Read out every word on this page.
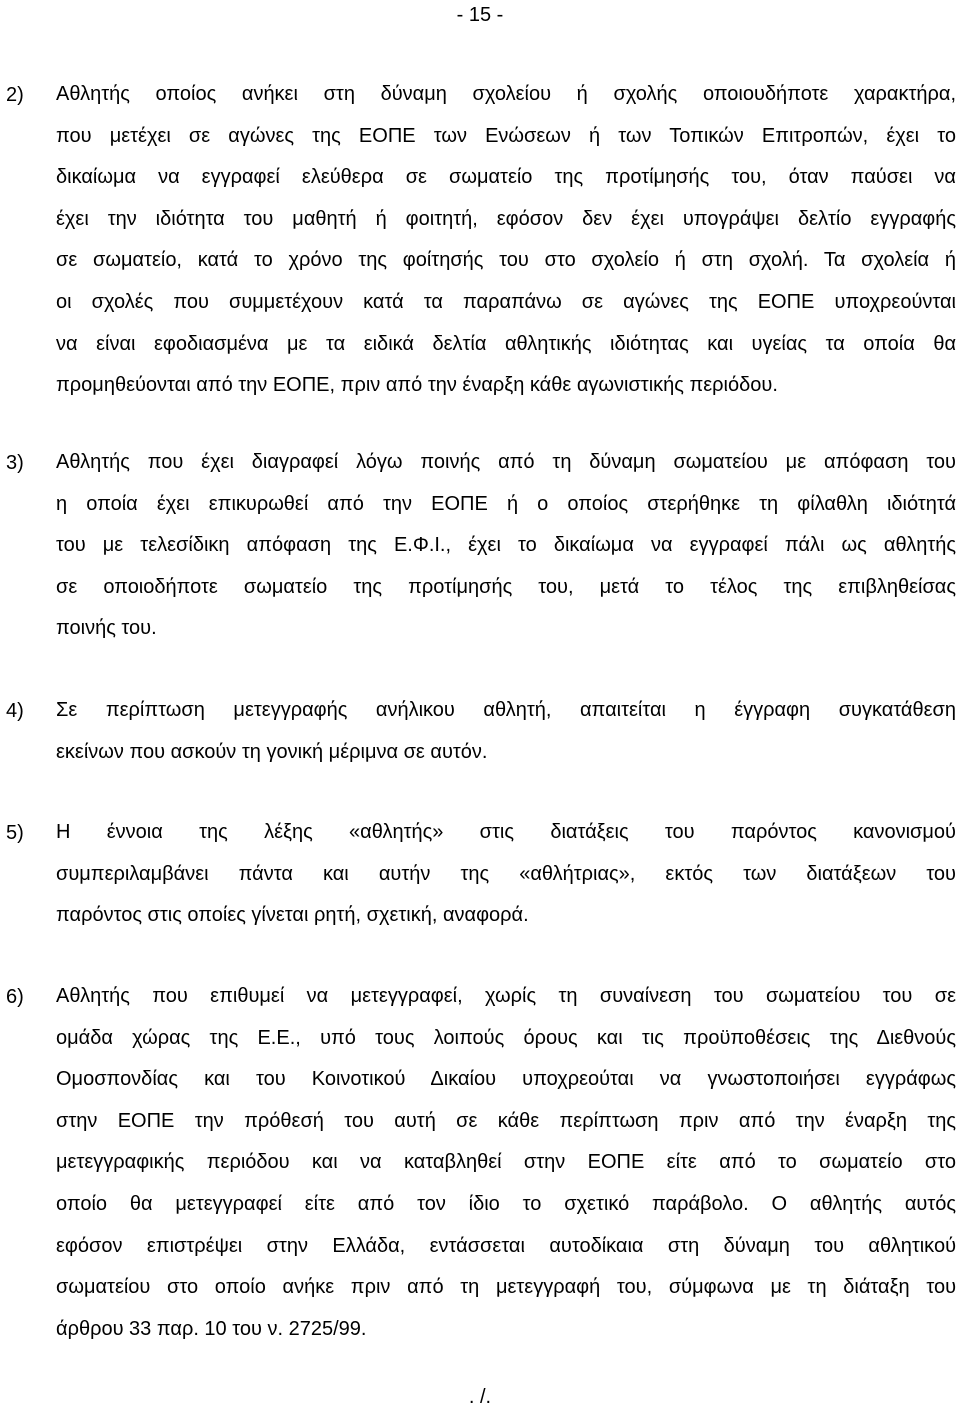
- 15 -
2) Αθλητής οποίος ανήκει στη δύναμη σχολείου ή σχολής οποιουδήποτε χαρακτήρα,
που μετέχει σε αγώνες της ΕΟΠΕ των Ενώσεων ή των Τοπικών Επιτροπών, έχει το
δικαίωμα να εγγραφεί ελεύθερα σε σωματείο της προτίμησής του, όταν παύσει να
έχει την ιδιότητα του μαθητή ή φοιτητή, εφόσον δεν έχει υπογράψει δελτίο εγγραφής
σε σωματείο, κατά το χρόνο της φοίτησής του στο σχολείο ή στη σχολή. Τα σχολεία ή
οι σχολές που συμμετέχουν κατά τα παραπάνω σε αγώνες της ΕΟΠΕ υποχρεούνται
να είναι εφοδιασμένα με τα ειδικά δελτία αθλητικής ιδιότητας και υγείας τα οποία θα
προμηθεύονται από την ΕΟΠΕ, πριν από την έναρξη κάθε αγωνιστικής περιόδου.
3) Αθλητής που έχει διαγραφεί λόγω ποινής από τη δύναμη σωματείου με απόφαση του
η οποία έχει επικυρωθεί από την ΕΟΠΕ ή ο οποίος στερήθηκε τη φίλαθλη ιδιότητά
του με τελεσίδικη απόφαση της Ε.Φ.Ι., έχει το δικαίωμα να εγγραφεί πάλι ως αθλητής
σε οποιοδήποτε σωματείο της προτίμησής του, μετά το τέλος της επιβληθείσας
ποινής του.
4) Σε περίπτωση μετεγγραφής ανήλικου αθλητή, απαιτείται η έγγραφη συγκατάθεση
εκείνων που ασκούν τη γονική μέριμνα σε αυτόν.
5) Η έννοια της λέξης «αθλητής» στις διατάξεις του παρόντος κανονισμού
συμπεριλαμβάνει πάντα και αυτήν της «αθλήτριας», εκτός των διατάξεων του
παρόντος στις οποίες γίνεται ρητή, σχετική, αναφορά.
6) Αθλητής που επιθυμεί να μετεγγραφεί, χωρίς τη συναίνεση του σωματείου του σε
ομάδα χώρας της Ε.Ε., υπό τους λοιπούς όρους και τις προϋποθέσεις της Διεθνούς
Ομοσπονδίας και του Κοινοτικού Δικαίου υποχρεούται να γνωστοποιήσει εγγράφως
στην ΕΟΠΕ την πρόθεσή του αυτή σε κάθε περίπτωση πριν από την έναρξη της
μετεγγραφικής περιόδου και να καταβληθεί στην ΕΟΠΕ είτε από το σωματείο στο
οποίο θα μετεγγραφεί είτε από τον ίδιο το σχετικό παράβολο. Ο αθλητής αυτός
εφόσον επιστρέψει στην Ελλάδα, εντάσσεται αυτοδίκαια στη δύναμη του αθλητικού
σωματείου στο οποίο ανήκε πριν από τη μετεγγραφή του, σύμφωνα με τη διάταξη του
άρθρου 33 παρ. 10 του ν. 2725/99.
. /.
